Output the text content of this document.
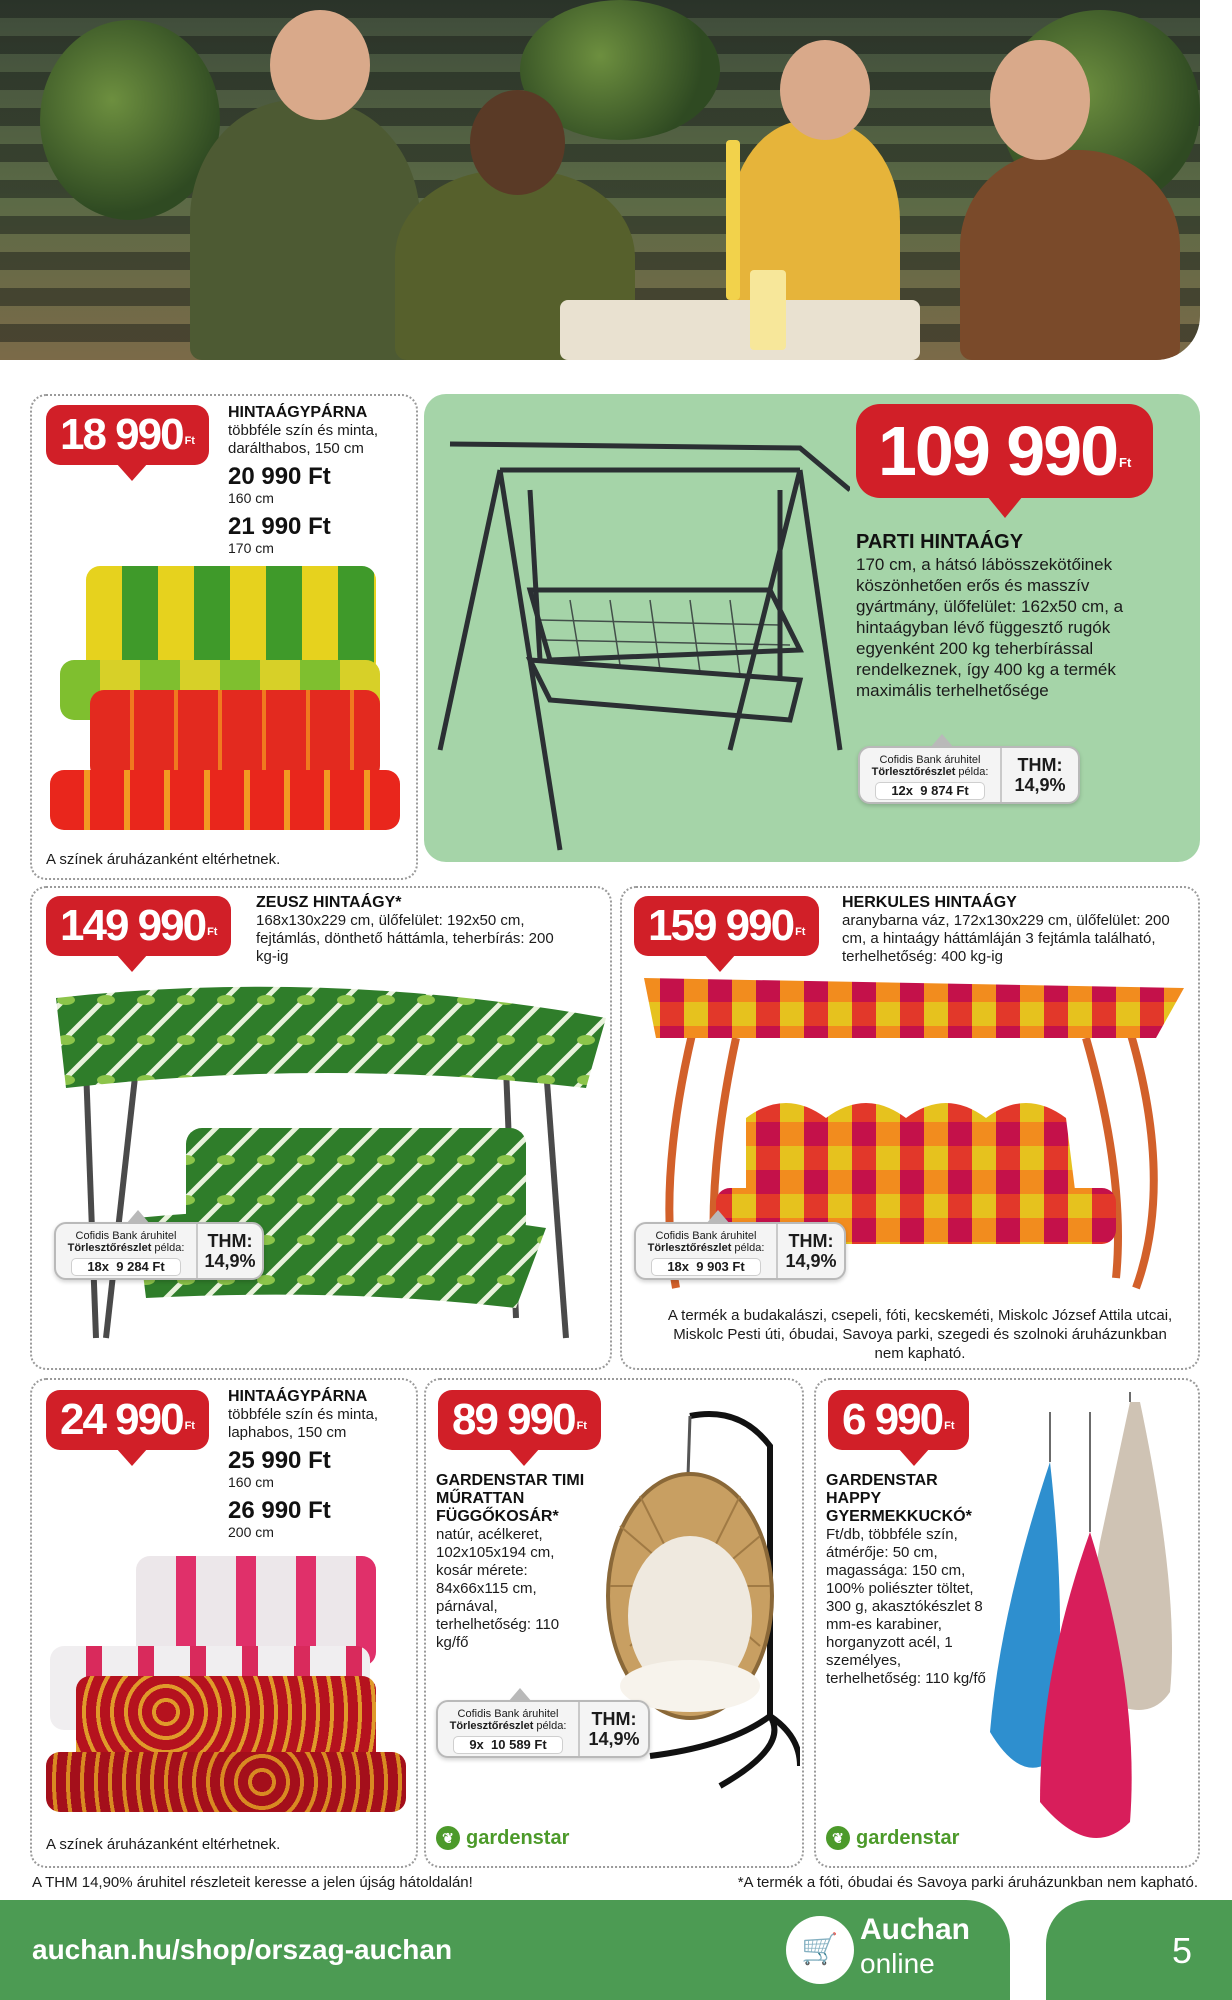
18 990 Ft
HINTAÁGYPÁRNA
többféle szín és minta, darálthabos, 150 cm
20 990 Ft
160 cm
21 990 Ft
170 cm
A színek áruházanként eltérhetnek.
109 990 Ft
PARTI HINTAÁGY
170 cm, a hátsó lábösszekötőinek köszönhetően erős és masszív gyártmány, ülőfelület: 162x50 cm, a hintaágyban lévő függesztő rugók egyenként 200 kg teherbírással rendelkeznek, így 400 kg a termék maximális terhelhetősége
Cofidis Bank áruhitel
Törlesztőrészlet példa:
12x 9 874 Ft
THM:
14,9%
149 990 Ft
ZEUSZ HINTAÁGY*
168x130x229 cm, ülőfelület: 192x50 cm, fejtámlás, dönthető háttámla, teherbírás: 200 kg-ig
Cofidis Bank áruhitel
Törlesztőrészlet példa:
18x 9 284 Ft
THM:
14,9%
159 990 Ft
HERKULES HINTAÁGY
aranybarna váz, 172x130x229 cm, ülőfelület: 200 cm, a hintaágy háttámláján 3 fejtámla található, terhelhetőség: 400 kg-ig
Cofidis Bank áruhitel
Törlesztőrészlet példa:
18x 9 903 Ft
THM:
14,9%
A termék a budakalászi, csepeli, fóti, kecskeméti, Miskolc József Attila utcai, Miskolc Pesti úti, óbudai, Savoya parki, szegedi és szolnoki áruházunkban nem kapható.
24 990 Ft
HINTAÁGYPÁRNA
többféle szín és minta, laphabos, 150 cm
25 990 Ft
160 cm
26 990 Ft
200 cm
A színek áruházanként eltérhetnek.
89 990 Ft
GARDENSTAR TIMI MŰRATTAN FÜGGŐKOSÁR*
natúr, acélkeret, 102x105x194 cm, kosár mérete: 84x66x115 cm, párnával, terhelhetőség: 110 kg/fő
Cofidis Bank áruhitel
Törlesztőrészlet példa:
9x 10 589 Ft
THM:
14,9%
❦ gardenstar
6 990 Ft
GARDENSTAR HAPPY GYERMEKKUCKÓ*
Ft/db, többféle szín, átmérője: 50 cm, magassága: 150 cm, 100% poliészter töltet, 300 g, akasztókészlet 8 mm-es karabiner, horganyzott acél, 1 személyes, terhelhetőség: 110 kg/fő
❦ gardenstar
A THM 14,90% áruhitel részleteit keresse a jelen újság hátoldalán!	*A termék a fóti, óbudai és Savoya parki áruházunkban nem kapható.
auchan.hu/shop/orszag-auchan	🛒
Auchan
online	5
